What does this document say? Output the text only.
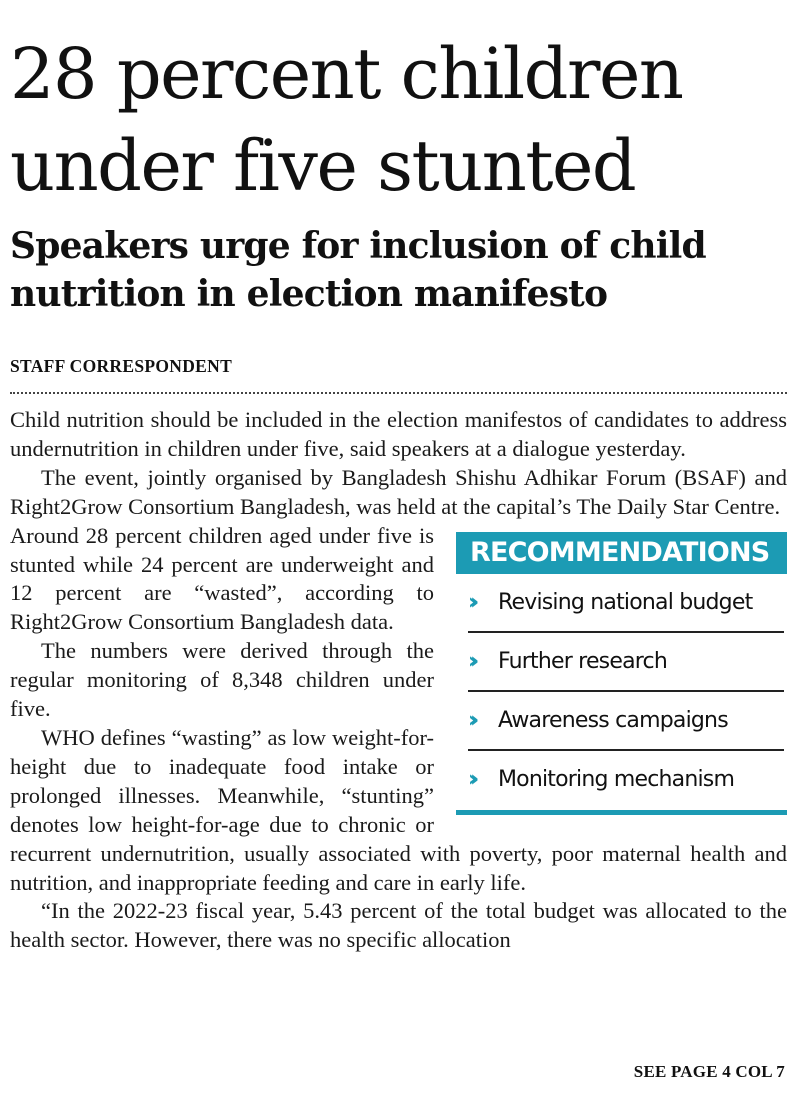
28 percent children
under five stunted
Speakers urge for inclusion of child
nutrition in election manifesto

STAFF CORRESPONDENT

Child nutrition should be included in the election manifestos of candidates to address undernutrition in children under five, said speakers at a dialogue yesterday.

The event, jointly organised by Bangladesh Shishu Adhikar Forum (BSAF) and Right2Grow Consortium Bangladesh, was held at the capital’s The Daily Star Centre.

RECOMMENDATIONS
›› Revising national budget
›› Further research
›› Awareness campaigns
›› Monitoring mechanism

Around 28 percent children aged under five is stunted while 24 percent are underweight and 12 percent are “wasted”, according to Right2Grow Consortium Bangladesh data.

The numbers were derived through the regular monitoring of 8,348 children under five.

WHO defines “wasting” as low weight-for-height due to inadequate food intake or prolonged illnesses. Meanwhile, “stunting” denotes low height-for-age due to chronic or recurrent undernutrition, usually associated with poverty, poor maternal health and nutrition, and inappropriate feeding and care in early life.

“In the 2022-23 fiscal year, 5.43 percent of the total budget was allocated to the health sector. However, there was no specific allocation

SEE PAGE 4 COL 7
